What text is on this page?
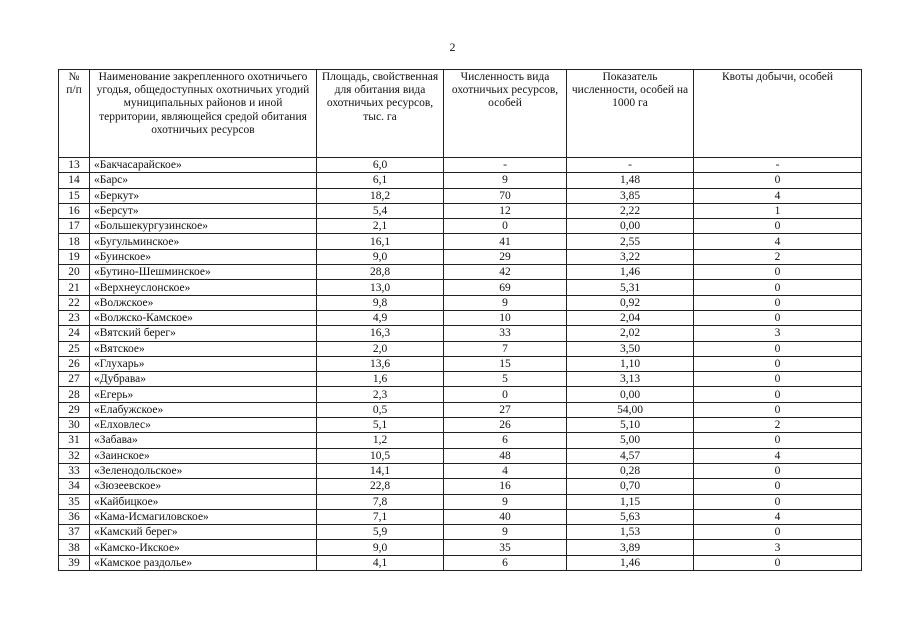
2
№ п/п	Наименование закрепленного охотничьего угодья, общедоступных охотничьих угодий муниципальных районов и иной территории, являющейся средой обитания охотничьих ресурсов	Площадь, свойственная для обитания вида охотничьих ресурсов, тыс. га	Численность вида охотничьих ресурсов, особей	Показатель численности, особей на 1000 га	Квоты добычи, особей
13	«Бакчасарайское»	6,0	-	-	-
14	«Барс»	6,1	9	1,48	0
15	«Беркут»	18,2	70	3,85	4
16	«Берсут»	5,4	12	2,22	1
17	«Большекургузинское»	2,1	0	0,00	0
18	«Бугульминское»	16,1	41	2,55	4
19	«Буинское»	9,0	29	3,22	2
20	«Бутино-Шешминское»	28,8	42	1,46	0
21	«Верхнеуслонское»	13,0	69	5,31	0
22	«Волжское»	9,8	9	0,92	0
23	«Волжско-Камское»	4,9	10	2,04	0
24	«Вятский берег»	16,3	33	2,02	3
25	«Вятское»	2,0	7	3,50	0
26	«Глухарь»	13,6	15	1,10	0
27	«Дубрава»	1,6	5	3,13	0
28	«Егерь»	2,3	0	0,00	0
29	«Елабужское»	0,5	27	54,00	0
30	«Елховлес»	5,1	26	5,10	2
31	«Забава»	1,2	6	5,00	0
32	«Заинское»	10,5	48	4,57	4
33	«Зеленодольское»	14,1	4	0,28	0
34	«Зюзеевское»	22,8	16	0,70	0
35	«Кайбицкое»	7,8	9	1,15	0
36	«Кама-Исмагиловское»	7,1	40	5,63	4
37	«Камский берег»	5,9	9	1,53	0
38	«Камско-Икское»	9,0	35	3,89	3
39	«Камское раздолье»	4,1	6	1,46	0
